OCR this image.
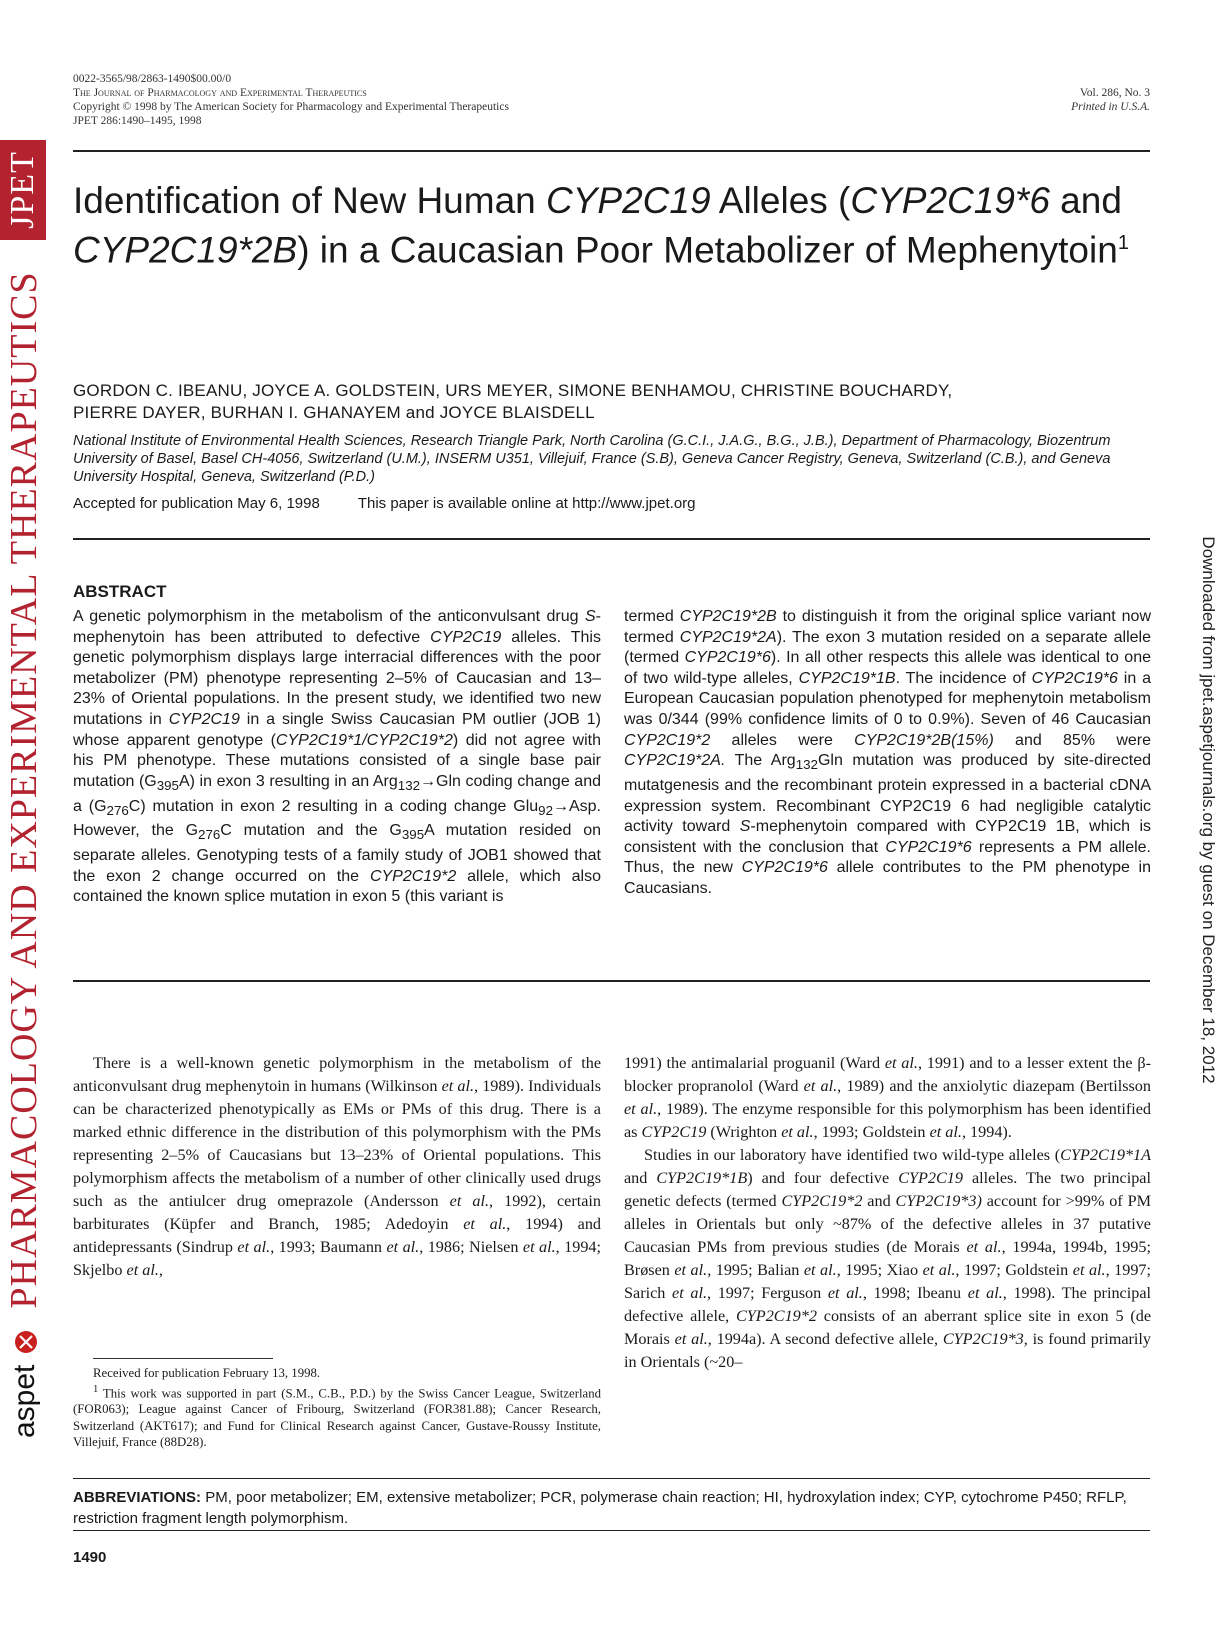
JPET
PHARMACOLOGY AND EXPERIMENTAL THERAPEUTICS
aspet
Downloaded from jpet.aspetjournals.org by guest on December 18, 2012
0022-3565/98/2863-1490$00.00/0
The Journal of Pharmacology and Experimental Therapeutics
Copyright © 1998 by The American Society for Pharmacology and Experimental Therapeutics
JPET 286:1490–1495, 1998
Vol. 286, No. 3
Printed in U.S.A.
Identification of New Human CYP2C19 Alleles (CYP2C19*6 and CYP2C19*2B) in a Caucasian Poor Metabolizer of Mephenytoin$^1$
GORDON C. IBEANU, JOYCE A. GOLDSTEIN, URS MEYER, SIMONE BENHAMOU, CHRISTINE BOUCHARDY,
PIERRE DAYER, BURHAN I. GHANAYEM and JOYCE BLAISDELL
National Institute of Environmental Health Sciences, Research Triangle Park, North Carolina (G.C.I., J.A.G., B.G., J.B.), Department of Pharmacology, Biozentrum University of Basel, Basel CH-4056, Switzerland (U.M.), INSERM U351, Villejuif, France (S.B), Geneva Cancer Registry, Geneva, Switzerland (C.B.), and Geneva University Hospital, Geneva, Switzerland (P.D.)
Accepted for publication May 6, 1998	This paper is available online at http://www.jpet.org
ABSTRACT
A genetic polymorphism in the metabolism of the anticonvulsant drug S-mephenytoin has been attributed to defective CYP2C19 alleles. This genetic polymorphism displays large interracial differences with the poor metabolizer (PM) phenotype representing 2–5% of Caucasian and 13–23% of Oriental populations. In the present study, we identified two new mutations in CYP2C19 in a single Swiss Caucasian PM outlier (JOB 1) whose apparent genotype (CYP2C19*1/CYP2C19*2) did not agree with his PM phenotype. These mutations consisted of a single base pair mutation $(G_{395}A)$ in exon 3 resulting in an Arg$_{132}$→Gln coding change and a $(G_{276}C)$ mutation in exon 2 resulting in a coding change Glu$_{92}$→Asp. However, the $G_{276}C$ mutation and the $G_{395}A$ mutation resided on separate alleles. Genotyping tests of a family study of JOB1 showed that the exon 2 change occurred on the CYP2C19*2 allele, which also contained the known splice mutation in exon 5 (this variant is
termed CYP2C19*2B to distinguish it from the original splice variant now termed CYP2C19*2A). The exon 3 mutation resided on a separate allele (termed CYP2C19*6). In all other respects this allele was identical to one of two wild-type alleles, CYP2C19*1B. The incidence of CYP2C19*6 in a European Caucasian population phenotyped for mephenytoin metabolism was 0/344 (99% confidence limits of 0 to 0.9%). Seven of 46 Caucasian CYP2C19*2 alleles were CYP2C19*2B(15%) and 85% were CYP2C19*2A. The Arg$_{132}$Gln mutation was produced by site-directed mutatgenesis and the recombinant protein expressed in a bacterial cDNA expression system. Recombinant CYP2C19 6 had negligible catalytic activity toward S-mephenytoin compared with CYP2C19 1B, which is consistent with the conclusion that CYP2C19*6 represents a PM allele. Thus, the new CYP2C19*6 allele contributes to the PM phenotype in Caucasians.

There is a well-known genetic polymorphism in the metabolism of the anticonvulsant drug mephenytoin in humans (Wilkinson et al., 1989). Individuals can be characterized phenotypically as EMs or PMs of this drug. There is a marked ethnic difference in the distribution of this polymorphism with the PMs representing 2–5% of Caucasians but 13–23% of Oriental populations. This polymorphism affects the metabolism of a number of other clinically used drugs such as the antiulcer drug omeprazole (Andersson et al., 1992), certain barbiturates (Küpfer and Branch, 1985; Adedoyin et al., 1994) and antidepressants (Sindrup et al., 1993; Baumann et al., 1986; Nielsen et al., 1994; Skjelbo et al.,

1991) the antimalarial proguanil (Ward et al., 1991) and to a lesser extent the β-blocker propranolol (Ward et al., 1989) and the anxiolytic diazepam (Bertilsson et al., 1989). The enzyme responsible for this polymorphism has been identified as CYP2C19 (Wrighton et al., 1993; Goldstein et al., 1994).

Studies in our laboratory have identified two wild-type alleles (CYP2C19*1A and CYP2C19*1B) and four defective CYP2C19 alleles. The two principal genetic defects (termed CYP2C19*2 and CYP2C19*3) account for >99% of PM alleles in Orientals but only ~87% of the defective alleles in 37 putative Caucasian PMs from previous studies (de Morais et al., 1994a, 1994b, 1995; Brøsen et al., 1995; Balian et al., 1995; Xiao et al., 1997; Goldstein et al., 1997; Sarich et al., 1997; Ferguson et al., 1998; Ibeanu et al., 1998). The principal defective allele, CYP2C19*2 consists of an aberrant splice site in exon 5 (de Morais et al., 1994a). A second defective allele, CYP2C19*3, is found primarily in Orientals (~20–

Received for publication February 13, 1998.

$^1$ This work was supported in part (S.M., C.B., P.D.) by the Swiss Cancer League, Switzerland (FOR063); League against Cancer of Fribourg, Switzerland (FOR381.88); Cancer Research, Switzerland (AKT617); and Fund for Clinical Research against Cancer, Gustave-Roussy Institute, Villejuif, France (88D28).

ABBREVIATIONS: PM, poor metabolizer; EM, extensive metabolizer; PCR, polymerase chain reaction; HI, hydroxylation index; CYP, cytochrome P450; RFLP, restriction fragment length polymorphism.
1490
